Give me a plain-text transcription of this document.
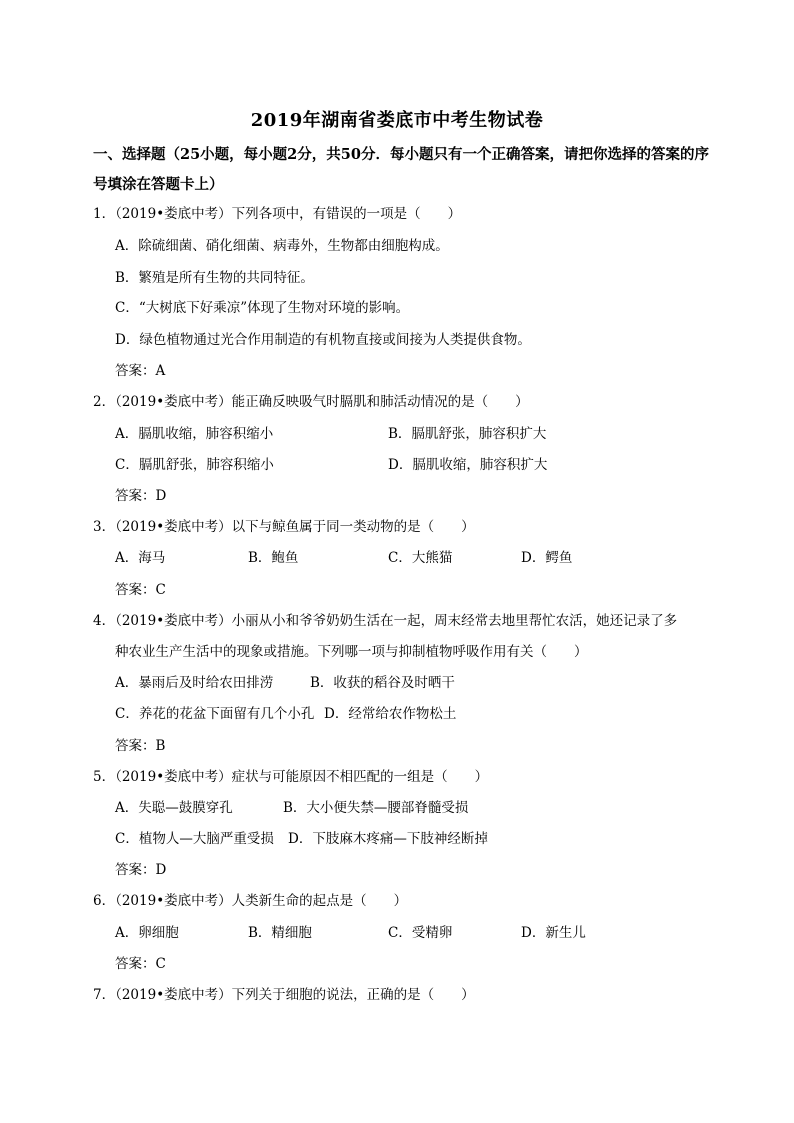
2019年湖南省娄底市中考生物试卷
一、选择题（25小题，每小题2分，共50分．每小题只有一个正确答案，请把你选择的答案的序
号填涂在答题卡上）
1．（2019•娄底中考）下列各项中，有错误的一项是（　　）
A．除硫细菌、硝化细菌、病毒外，生物都由细胞构成。
B．繁殖是所有生物的共同特征。
C．“大树底下好乘凉”体现了生物对环境的影响。
D．绿色植物通过光合作用制造的有机物直接或间接为人类提供食物。
答案：A
2．（2019•娄底中考）能正确反映吸气时膈肌和肺活动情况的是（　　）
A．膈肌收缩，肺容积缩小	B．膈肌舒张，肺容积扩大
C．膈肌舒张，肺容积缩小	D．膈肌收缩，肺容积扩大
答案：D
3．（2019•娄底中考）以下与鲸鱼属于同一类动物的是（　　）
A．海马	B．鲍鱼	C．大熊猫	D．鳄鱼
答案：C
4．（2019•娄底中考）小丽从小和爷爷奶奶生活在一起，周末经常去地里帮忙农活，她还记录了多
种农业生产生活中的现象或措施。下列哪一项与抑制植物呼吸作用有关（　　）
A．暴雨后及时给农田排涝	B．收获的稻谷及时晒干
C．养花的花盆下面留有几个小孔 D．经常给农作物松土
答案：B
5．（2019•娄底中考）症状与可能原因不相匹配的一组是（　　）
A．失聪—鼓膜穿孔	B．大小便失禁—腰部脊髓受损
C．植物人—大脑严重受损 D．下肢麻木疼痛—下肢神经断掉
答案：D
6．（2019•娄底中考）人类新生命的起点是（　　）
A．卵细胞	B．精细胞	C．受精卵	D．新生儿
答案：C
7．（2019•娄底中考）下列关于细胞的说法，正确的是（　　）
